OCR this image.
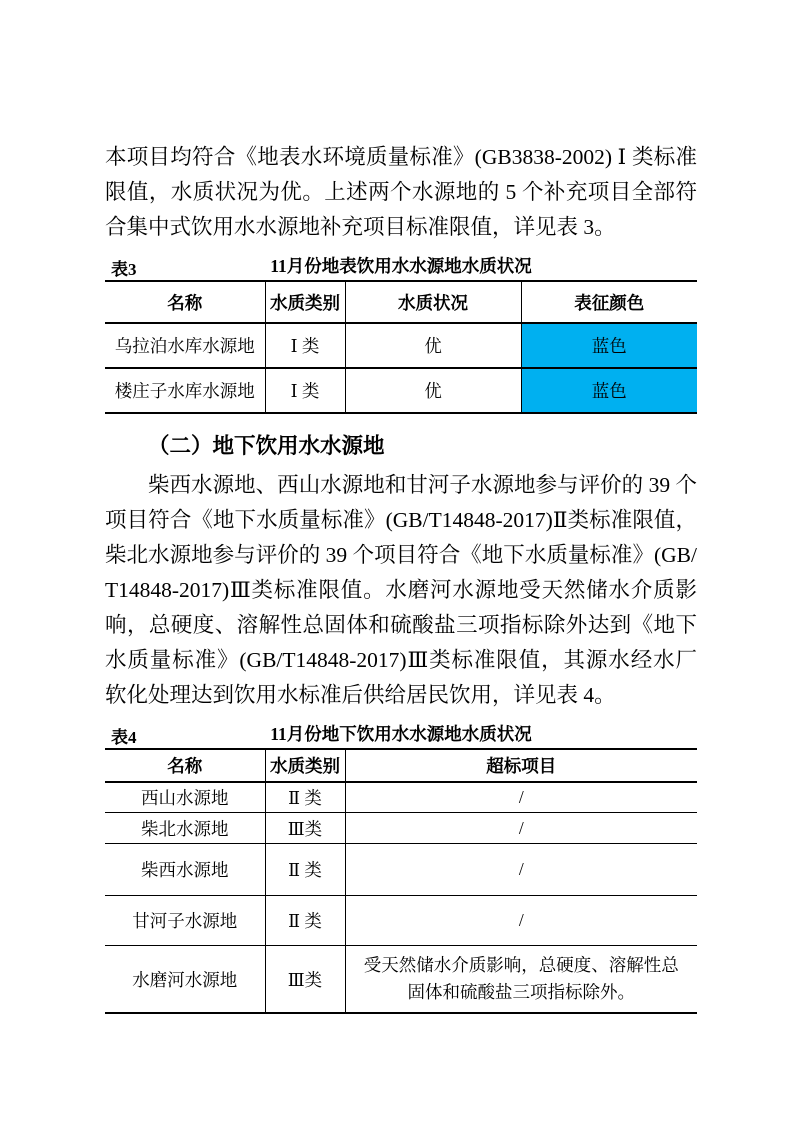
本项目均符合《地表水环境质量标准》(GB3838-2002) Ⅰ 类标准限值，水质状况为优。上述两个水源地的 5 个补充项目全部符合集中式饮用水水源地补充项目标准限值，详见表 3。

表3	11月份地表饮用水水源地水质状况
名称	水质类别	水质状况	表征颜色
乌拉泊水库水源地	Ⅰ 类	优	蓝色
楼庄子水库水源地	Ⅰ 类	优	蓝色
（二）地下饮用水水源地

柴西水源地、西山水源地和甘河子水源地参与评价的 39 个项目符合《地下水质量标准》(GB/T14848-2017)Ⅱ类标准限值，柴北水源地参与评价的 39 个项目符合《地下水质量标准》(GB/T14848-2017)Ⅲ类标准限值。水磨河水源地受天然储水介质影响，总硬度、溶解性总固体和硫酸盐三项指标除外达到《地下水质量标准》(GB/T14848-2017)Ⅲ类标准限值，其源水经水厂软化处理达到饮用水标准后供给居民饮用，详见表 4。

表4	11月份地下饮用水水源地水质状况
名称	水质类别	超标项目
西山水源地	Ⅱ 类	/
柴北水源地	Ⅲ类	/
柴西水源地	Ⅱ 类	/
甘河子水源地	Ⅱ 类	/
水磨河水源地	Ⅲ类	受天然储水介质影响，总硬度、溶解性总固体和硫酸盐三项指标除外。
